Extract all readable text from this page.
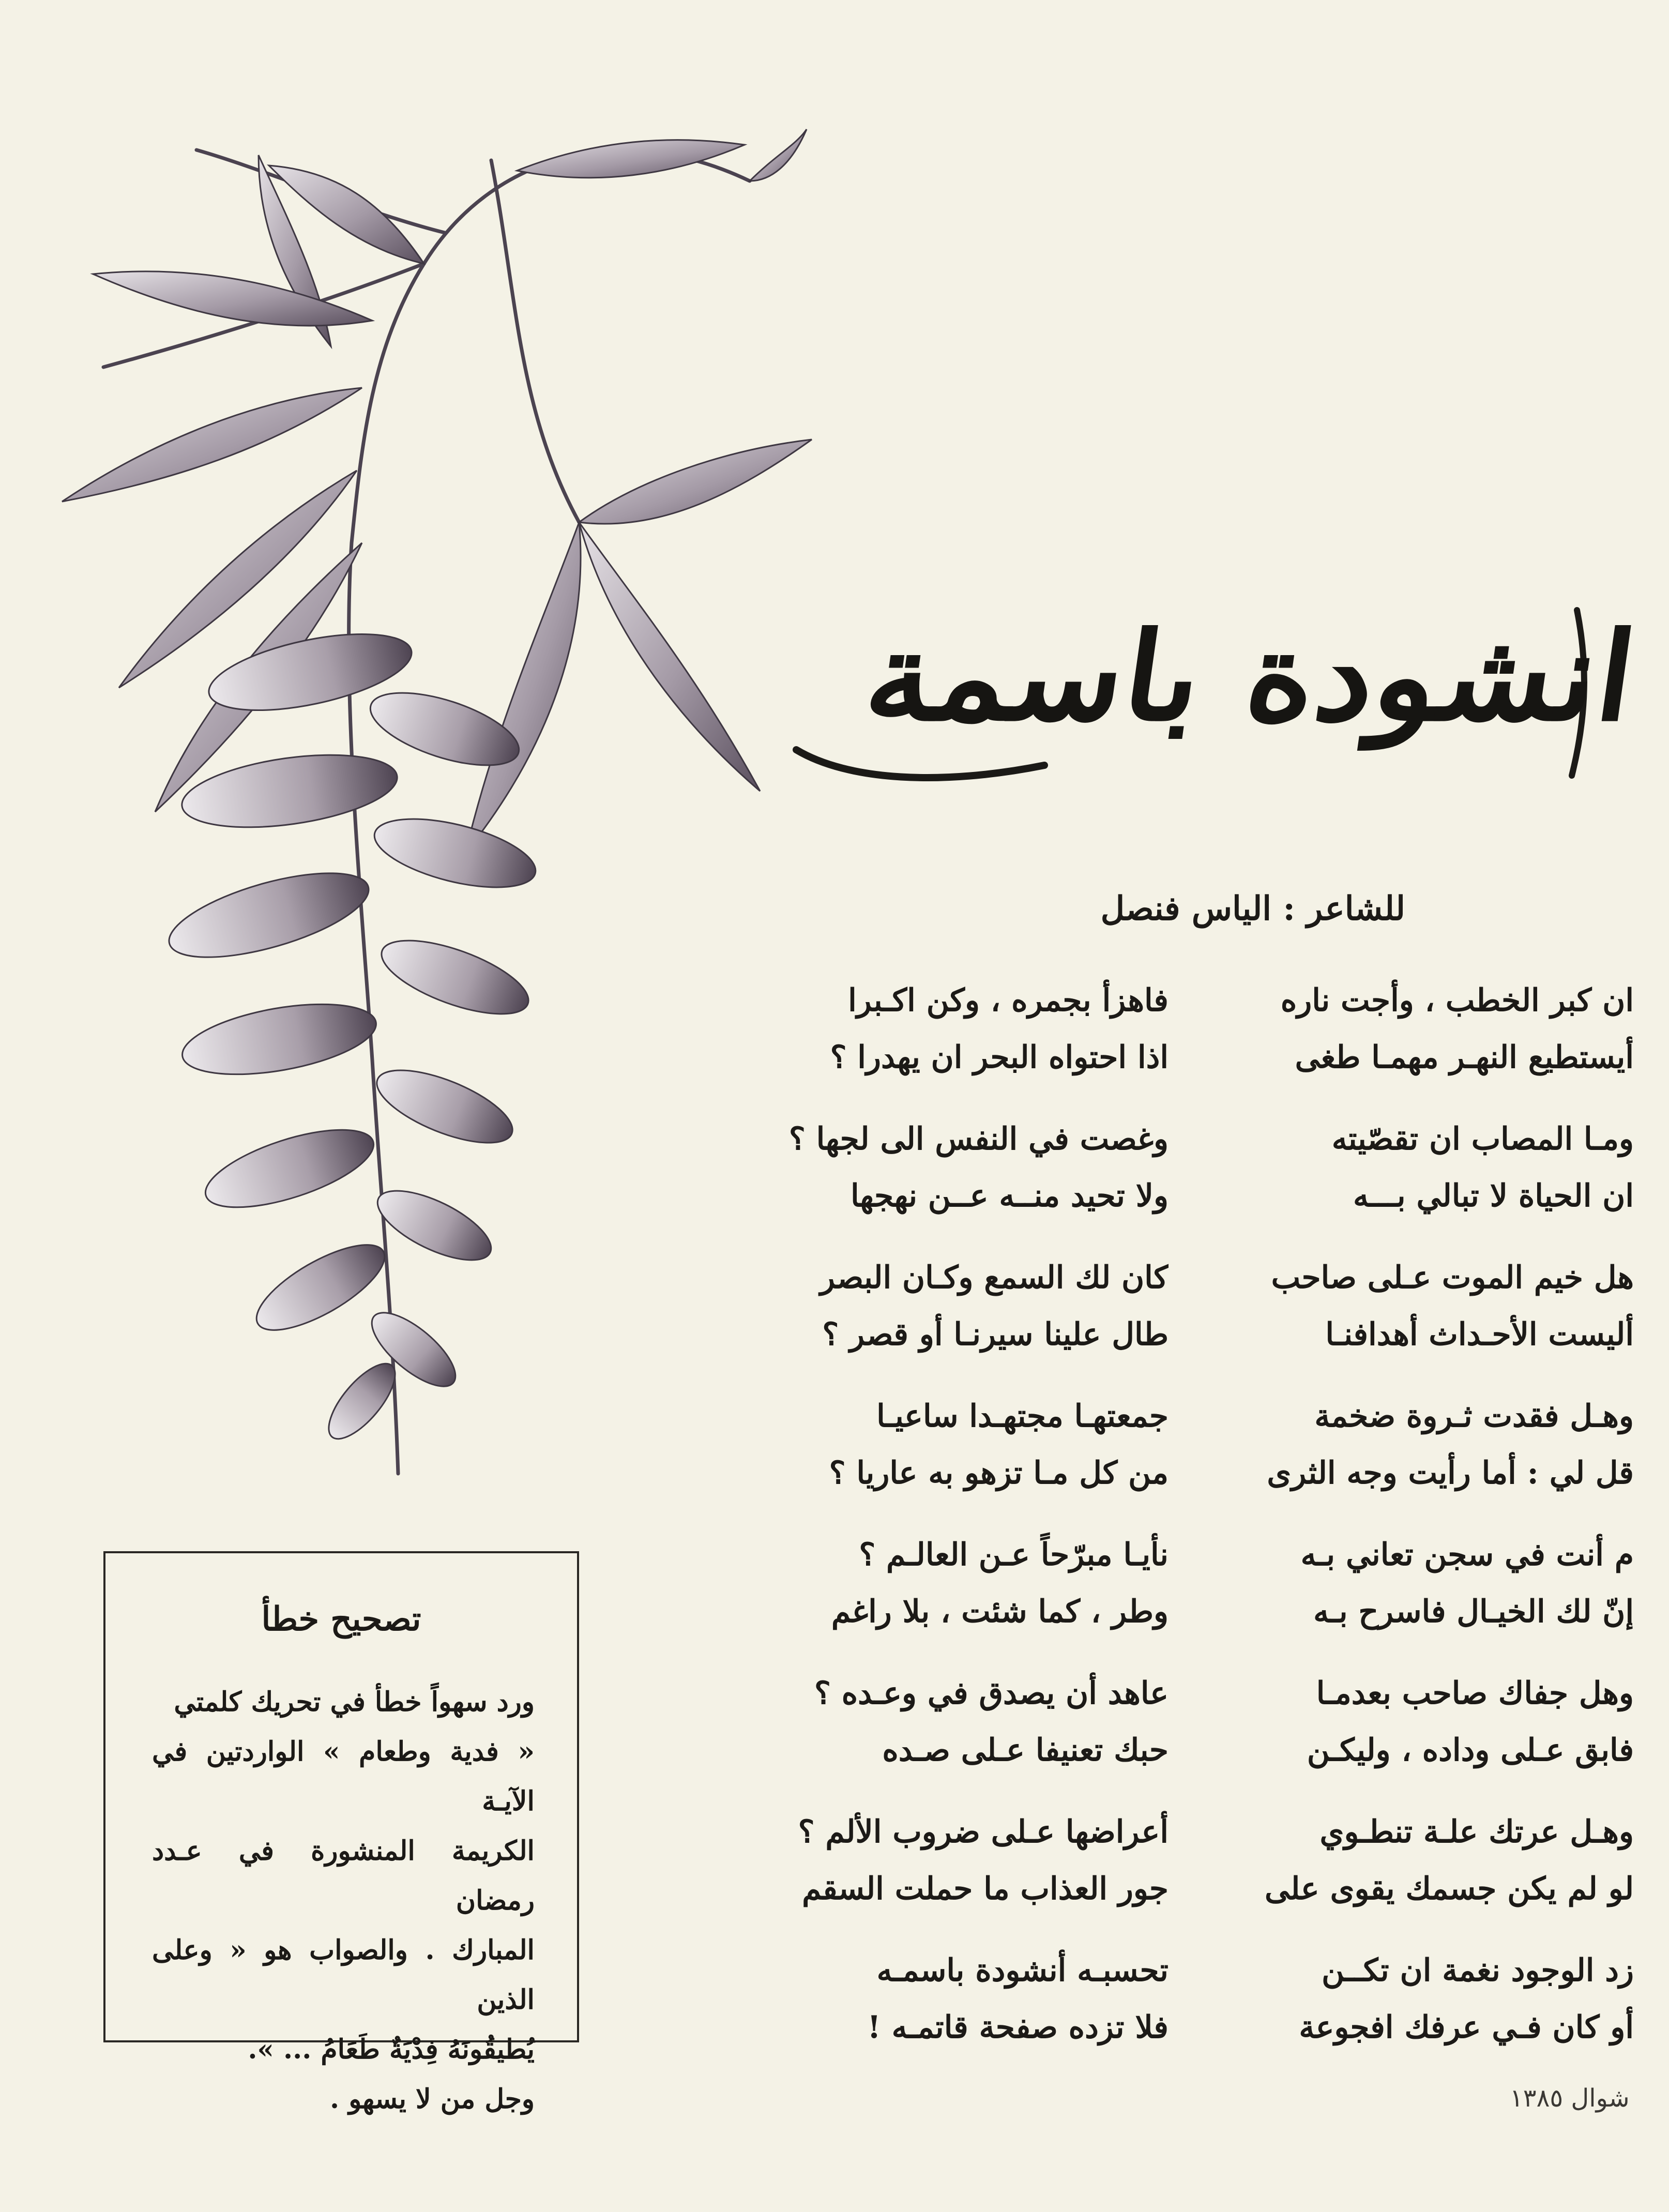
انشودة باسمة
للشاعر : الياس فنصل
ان كبر الخطب ، وأجت ناره
فاهزأ بجمره ، وكن اكـبرا
أيستطيع النهـر مهمـا طغى
اذا احتواه البحر ان يهدرا ؟
ومـا المصاب ان تقصّيته
وغصت في النفس الى لجها ؟
ان الحياة لا تبالي بـــه
ولا تحيد منــه عــن نهجها
هل خيم الموت عـلى صاحب
كان لك السمع وكـان البصر
أليست الأحـداث أهدافنـا
طال علينا سيرنـا أو قصر ؟
وهـل فقدت ثـروة ضخمة
جمعتهـا مجتهـدا ساعيـا
قل لي : أما رأيت وجه الثرى
من كل مـا تزهو به عاريا ؟
م أنت في سجن تعاني بـه
نأيـا مبرّحاً عـن العالـم ؟
إنّ لك الخيـال فاسرح بـه
وطر ، كما شئت ، بلا راغم
وهل جفاك صاحب بعدمـا
عاهد أن يصدق في وعـده ؟
فابق عـلى وداده ، وليكـن
حبك تعنيفا عـلى صـده
وهـل عرتك علـة تنطـوي
أعراضها عـلى ضروب الألم ؟
لو لم يكن جسمك يقوى على
جور العذاب ما حملت السقم
زد الوجود نغمة ان تكــن
تحسبـه أنشودة باسمـه
أو كان فـي عرفك افجوعة
فلا تزده صفحة قاتمـه !
تصحيح خطأ

ورد سهواً خطأ في تحريك كلمتي

« فدية وطعام » الواردتين في الآيـة

الكريمة المنشورة في عـدد رمضان

المبارك . والصواب هو « وعلى الذين

يُطيقُونَهُ فِدْيَةٌ طَعَامُ ... ».

وجل من لا يسهو .	شوال ١٣٨٥
